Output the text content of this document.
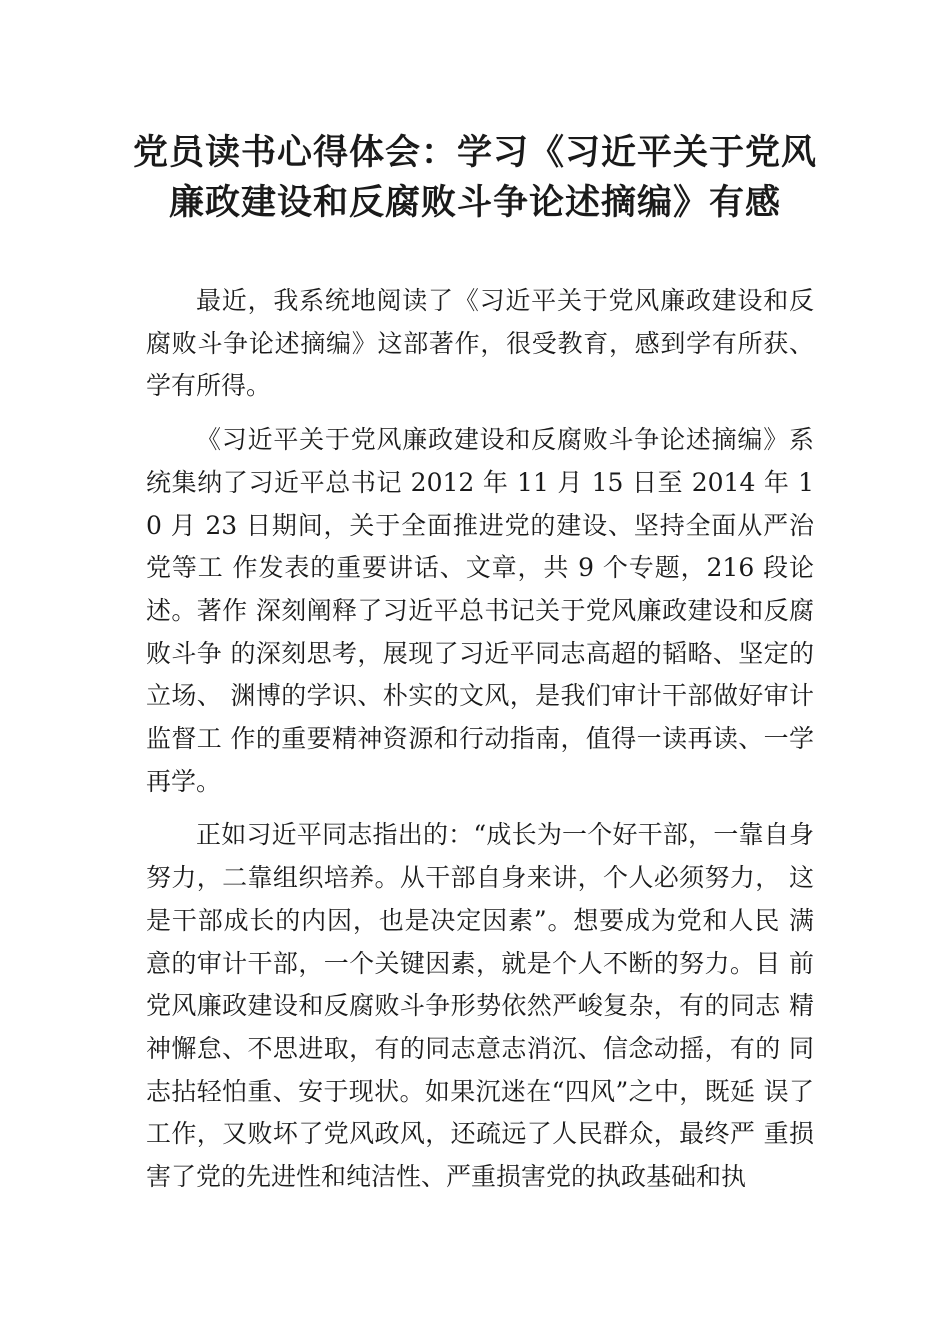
党员读书心得体会：学习《习近平关于党风廉政建设和反腐败斗争论述摘编》有感

最近，我系统地阅读了《习近平关于党风廉政建设和反腐败斗争论述摘编》这部著作，很受教育，感到学有所获、 学有所得。

《习近平关于党风廉政建设和反腐败斗争论述摘编》系统集纳了习近平总书记 2012 年 11 月 15 日至 2014 年 10 月 23 日期间，关于全面推进党的建设、坚持全面从严治党等工 作发表的重要讲话、文章，共 9 个专题，216 段论述。著作 深刻阐释了习近平总书记关于党风廉政建设和反腐败斗争 的深刻思考，展现了习近平同志高超的韬略、坚定的立场、 渊博的学识、朴实的文风，是我们审计干部做好审计监督工 作的重要精神资源和行动指南，值得一读再读、一学再学。

正如习近平同志指出的：“成长为一个好干部，一靠自身努力，二靠组织培养。从干部自身来讲，个人必须努力， 这是干部成长的内因，也是决定因素”。想要成为党和人民 满意的审计干部，一个关键因素，就是个人不断的努力。目 前党风廉政建设和反腐败斗争形势依然严峻复杂，有的同志 精神懈怠、不思进取，有的同志意志消沉、信念动摇，有的 同志拈轻怕重、安于现状。如果沉迷在“四风”之中，既延 误了工作，又败坏了党风政风，还疏远了人民群众，最终严 重损害了党的先进性和纯洁性、严重损害党的执政基础和执
